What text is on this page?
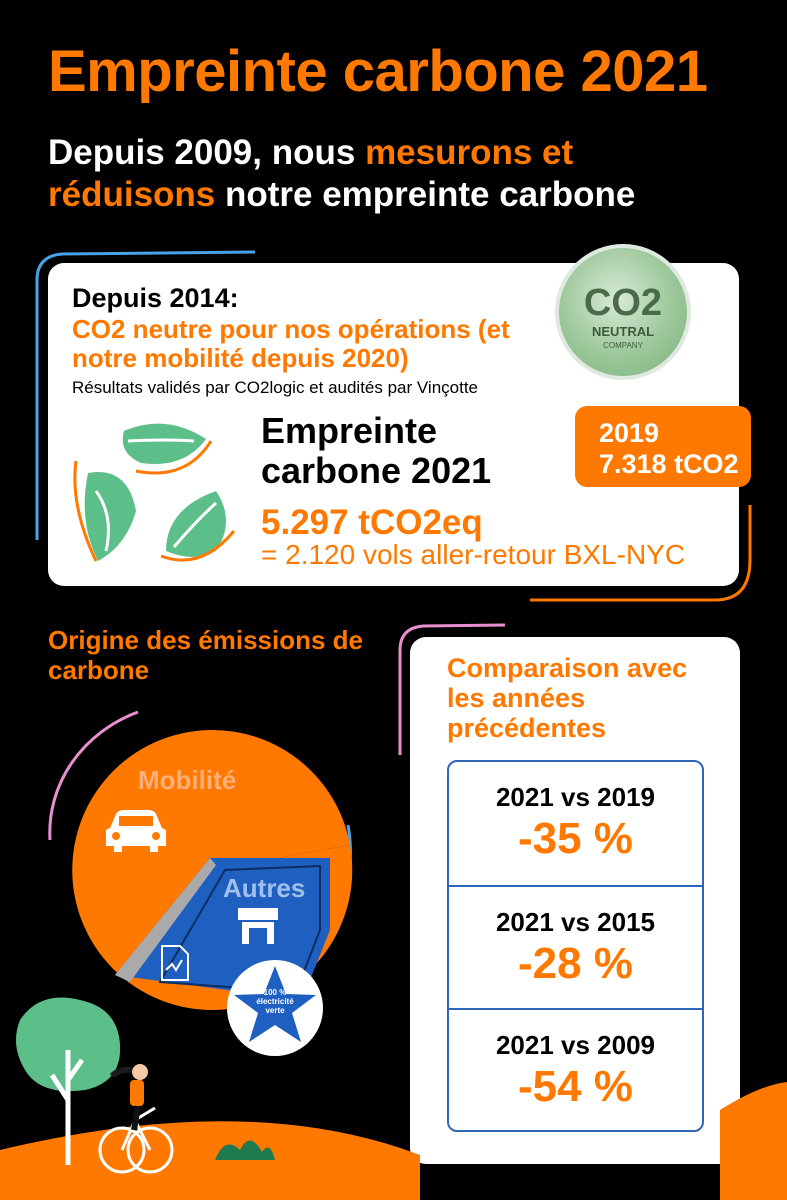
Empreinte carbone 2021
Depuis 2009, nous mesurons et
réduisons notre empreinte carbone
Depuis 2014:
CO2 neutre pour nos opérations (et notre mobilité depuis 2020)
Résultats validés par CO2logic et audités par Vinçotte
Empreinte carbone 2021
5.297 tCO2eq
= 2.120 vols aller-retour BXL-NYC
2019
7.318 tCO2
CO2
NEUTRAL
COMPANY
Origine des émissions de carbone
Mobilité
Autres
100 % électricité verte
Comparaison avec les années précédentes
2021 vs 2019
-35 %
2021 vs 2015
-28 %
2021 vs 2009
-54 %
